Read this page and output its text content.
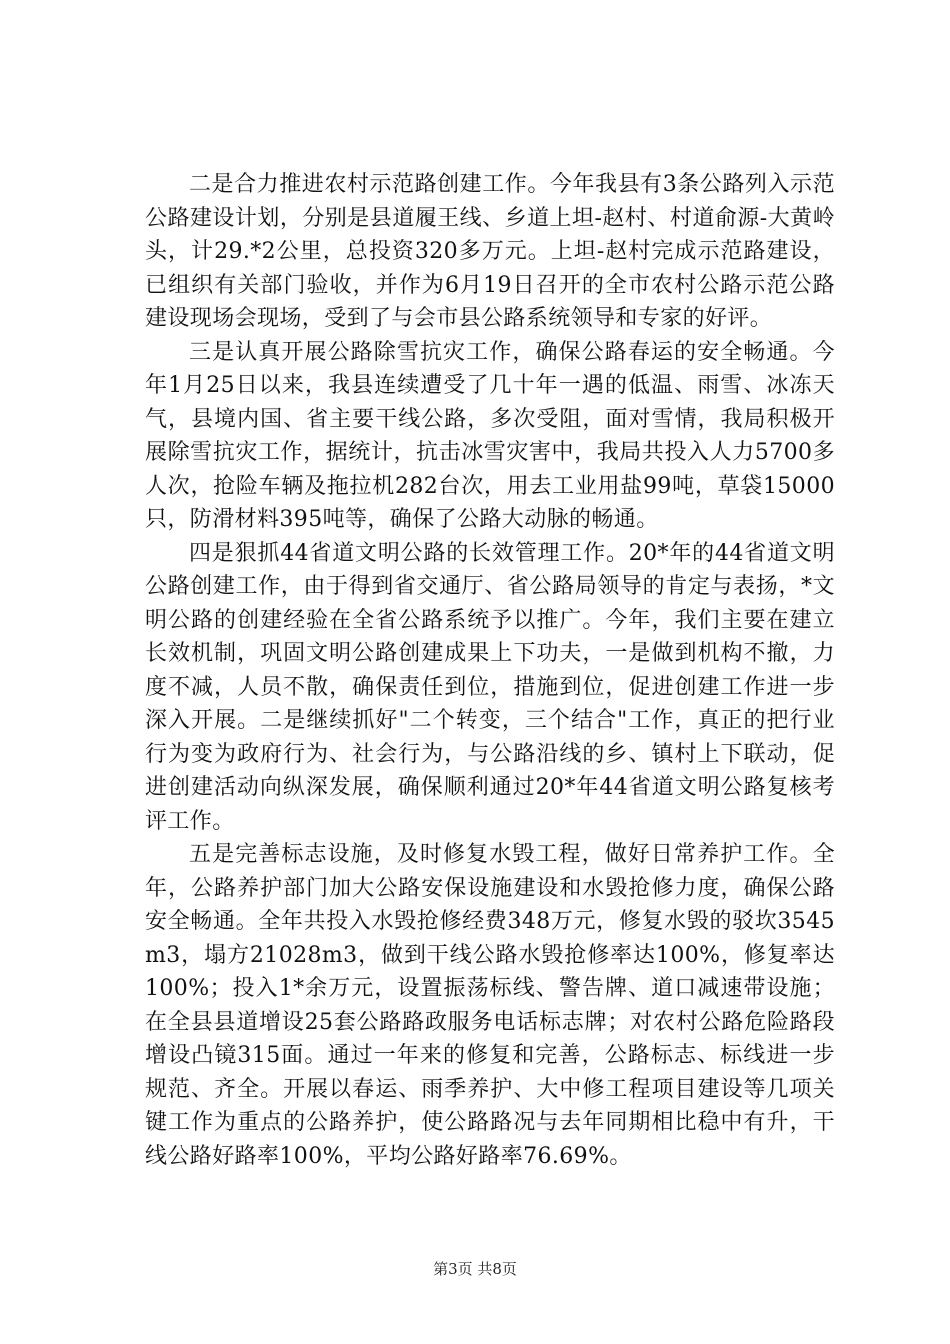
二是合力推进农村示范路创建工作。今年我县有3条公路列入示范公路建设计划，分别是县道履王线、乡道上坦-赵村、村道俞源-大黄岭头，计29.*2公里，总投资320多万元。上坦-赵村完成示范路建设，已组织有关部门验收，并作为6月19日召开的全市农村公路示范公路建设现场会现场，受到了与会市县公路系统领导和专家的好评。

三是认真开展公路除雪抗灾工作，确保公路春运的安全畅通。今年1月25日以来，我县连续遭受了几十年一遇的低温、雨雪、冰冻天气，县境内国、省主要干线公路，多次受阻，面对雪情，我局积极开展除雪抗灾工作，据统计，抗击冰雪灾害中，我局共投入人力5700多人次，抢险车辆及拖拉机282台次，用去工业用盐99吨，草袋15000只，防滑材料395吨等，确保了公路大动脉的畅通。

四是狠抓44省道文明公路的长效管理工作。20*年的44省道文明公路创建工作，由于得到省交通厅、省公路局领导的肯定与表扬，*文明公路的创建经验在全省公路系统予以推广。今年，我们主要在建立长效机制，巩固文明公路创建成果上下功夫，一是做到机构不撤，力度不减，人员不散，确保责任到位，措施到位，促进创建工作进一步深入开展。二是继续抓好"二个转变，三个结合"工作，真正的把行业行为变为政府行为、社会行为，与公路沿线的乡、镇村上下联动，促进创建活动向纵深发展，确保顺利通过20*年44省道文明公路复核考评工作。

五是完善标志设施，及时修复水毁工程，做好日常养护工作。全年，公路养护部门加大公路安保设施建设和水毁抢修力度，确保公路安全畅通。全年共投入水毁抢修经费348万元，修复水毁的驳坎3545m3，塌方21028m3，做到干线公路水毁抢修率达100%，修复率达100%；投入1*余万元，设置振荡标线、警告牌、道口减速带设施；在全县县道增设25套公路路政服务电话标志牌；对农村公路危险路段增设凸镜315面。通过一年来的修复和完善，公路标志、标线进一步规范、齐全。开展以春运、雨季养护、大中修工程项目建设等几项关键工作为重点的公路养护，使公路路况与去年同期相比稳中有升，干线公路好路率100%，平均公路好路率76.69%。

第3页 共8页
